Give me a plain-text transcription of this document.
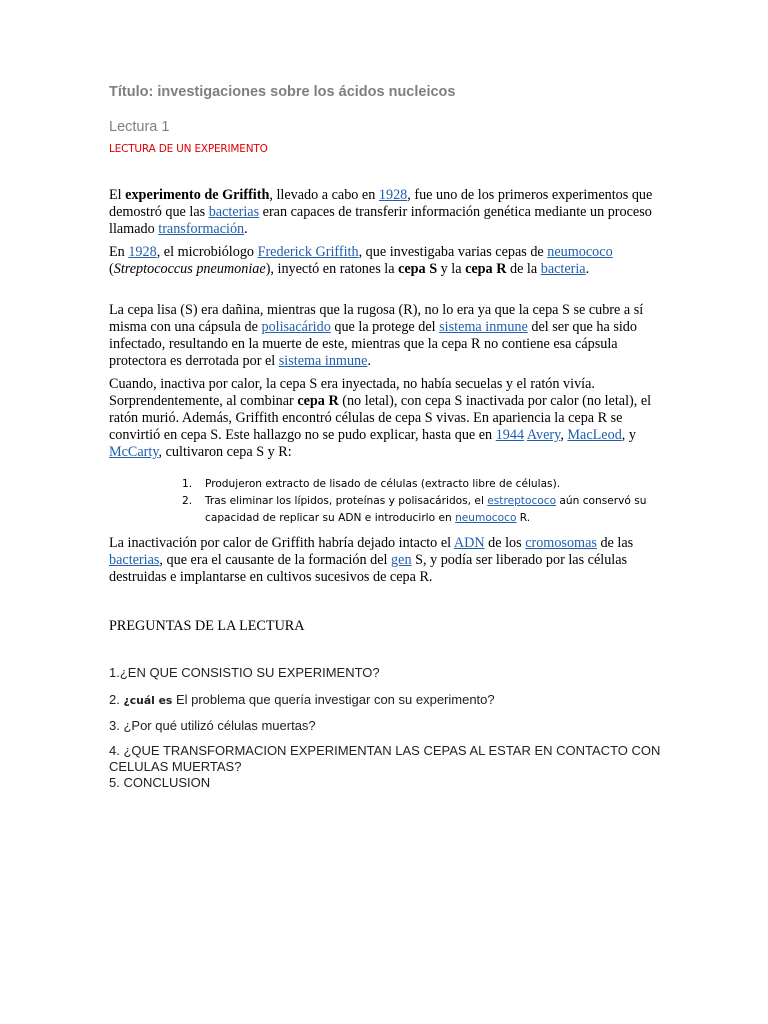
Título: investigaciones sobre los ácidos nucleicos
Lectura 1
LECTURA DE UN EXPERIMENTO

El experimento de Griffith, llevado a cabo en 1928, fue uno de los primeros experimentos que demostró que las bacterias eran capaces de transferir información genética mediante un proceso llamado transformación.

En 1928, el microbiólogo Frederick Griffith, que investigaba varias cepas de neumococo (Streptococcus pneumoniae), inyectó en ratones la cepa S y la cepa R de la bacteria.

La cepa lisa (S) era dañina, mientras que la rugosa (R), no lo era ya que la cepa S se cubre a sí misma con una cápsula de polisacárido que la protege del sistema inmune del ser que ha sido infectado, resultando en la muerte de este, mientras que la cepa R no contiene esa cápsula protectora es derrotada por el sistema inmune.

Cuando, inactiva por calor, la cepa S era inyectada, no había secuelas y el ratón vivía. Sorprendentemente, al combinar cepa R (no letal), con cepa S inactivada por calor (no letal), el ratón murió. Además, Griffith encontró células de cepa S vivas. En apariencia la cepa R se convirtió en cepa S. Este hallazgo no se pudo explicar, hasta que en 1944 Avery, MacLeod, y McCarty, cultivaron cepa S y R:

1. Produjeron extracto de lisado de células (extracto libre de células).
2. Tras eliminar los lípidos, proteínas y polisacáridos, el estreptococo aún conservó su capacidad de replicar su ADN e introducirlo en neumococo R.

La inactivación por calor de Griffith habría dejado intacto el ADN de los cromosomas de las bacterias, que era el causante de la formación del gen S, y podía ser liberado por las células destruidas e implantarse en cultivos sucesivos de cepa R.

PREGUNTAS DE LA LECTURA
1.¿EN QUE CONSISTIO SU EXPERIMENTO?
2. ¿cuál es El problema que quería investigar con su experimento?
3. ¿Por qué utilizó células muertas?
4. ¿QUE TRANSFORMACION EXPERIMENTAN LAS CEPAS AL ESTAR EN CONTACTO CON CELULAS MUERTAS?
5. CONCLUSION
